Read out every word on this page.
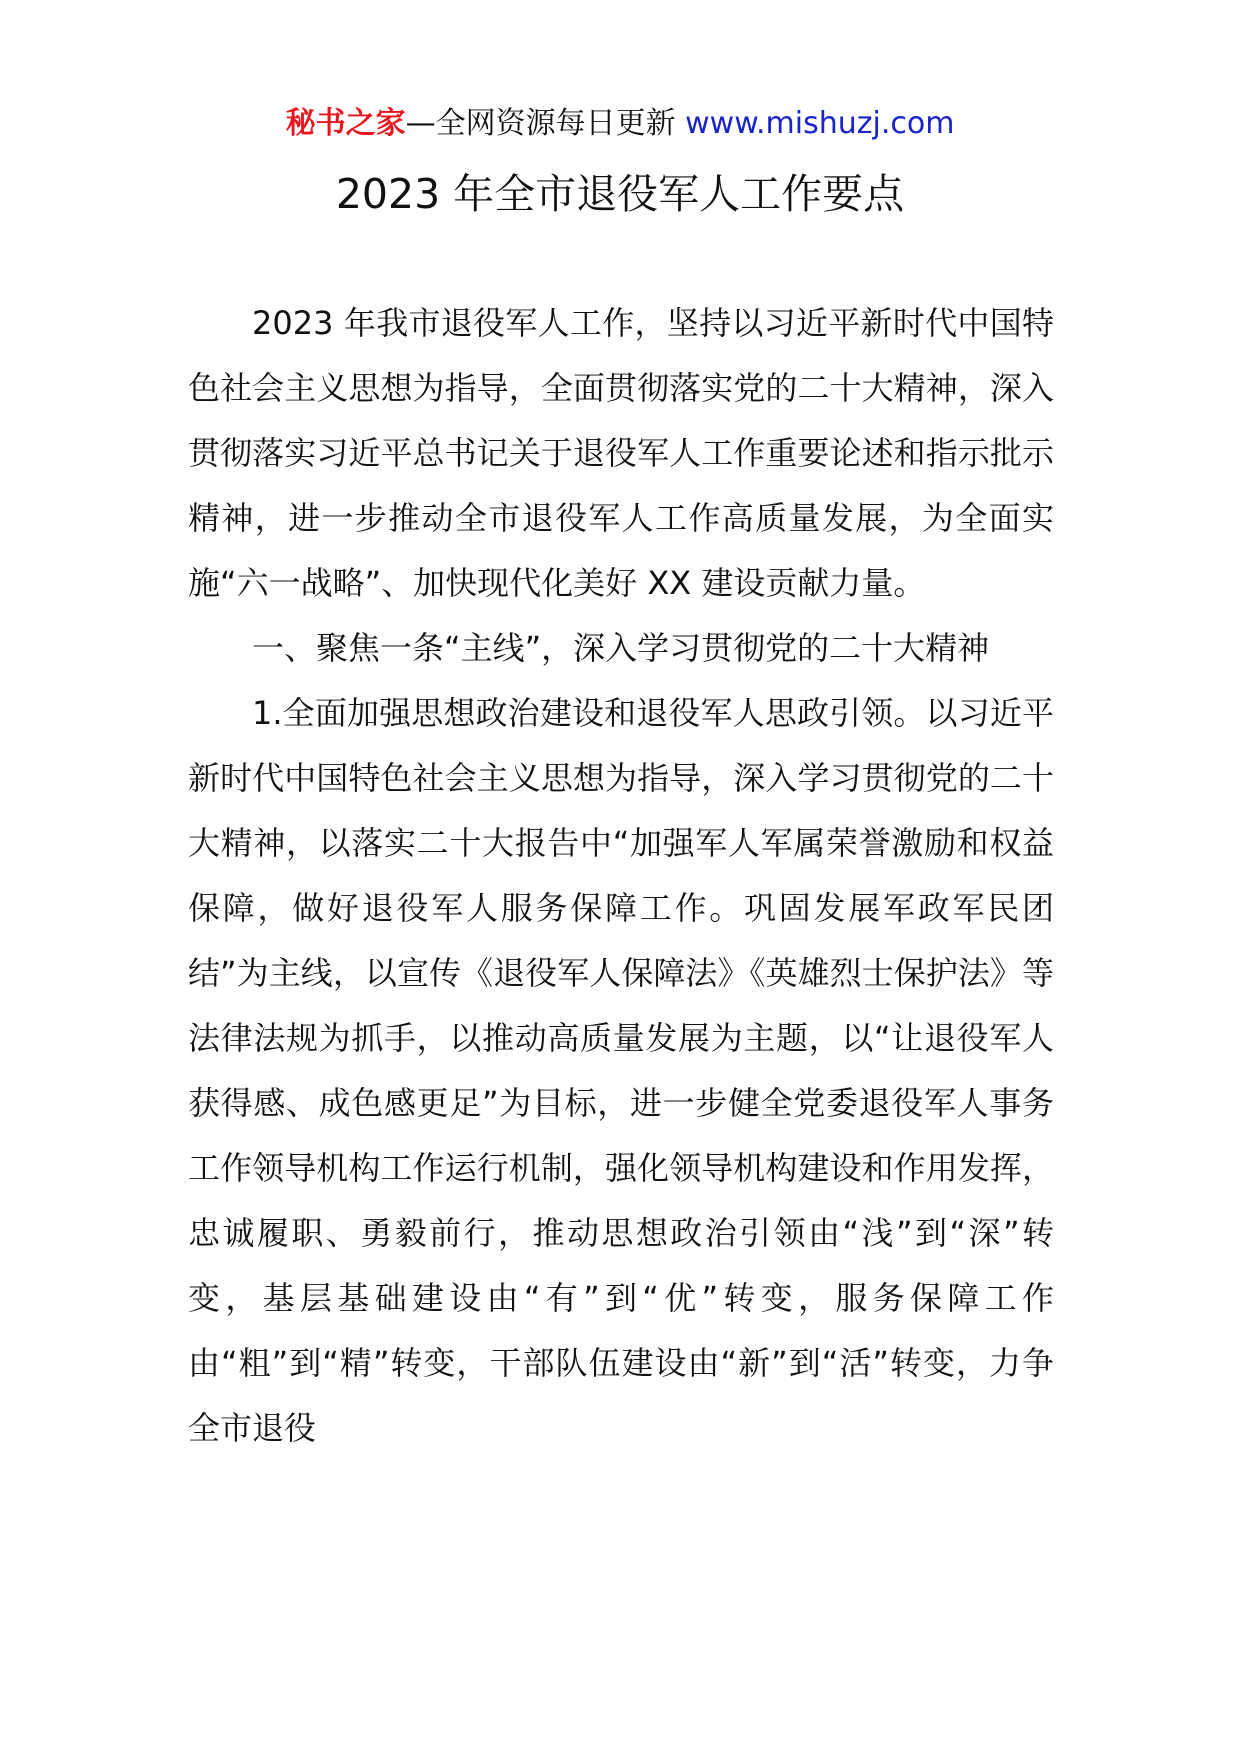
秘书之家—全网资源每日更新 www.mishuzj.com
2023 年全市退役军人工作要点

2023 年我市退役军人工作，坚持以习近平新时代中国特色社会主义思想为指导，全面贯彻落实党的二十大精神，深入贯彻落实习近平总书记关于退役军人工作重要论述和指示批示精神，进一步推动全市退役军人工作高质量发展，为全面实施“六一战略”、加快现代化美好 XX 建设贡献力量。

一、聚焦一条“主线”，深入学习贯彻党的二十大精神

1.全面加强思想政治建设和退役军人思政引领。以习近平新时代中国特色社会主义思想为指导，深入学习贯彻党的二十大精神，以落实二十大报告中“加强军人军属荣誉激励和权益保障，做好退役军人服务保障工作。巩固发展军政军民团结”为主线，以宣传《退役军人保障法》《英雄烈士保护法》等法律法规为抓手，以推动高质量发展为主题，以“让退役军人获得感、成色感更足”为目标，进一步健全党委退役军人事务工作领导机构工作运行机制，强化领导机构建设和作用发挥，忠诚履职、勇毅前行，推动思想政治引领由“浅”到“深”转变，基层基础建设由“有”到“优”转变，服务保障工作由“粗”到“精”转变，干部队伍建设由“新”到“活”转变，力争全市退役
